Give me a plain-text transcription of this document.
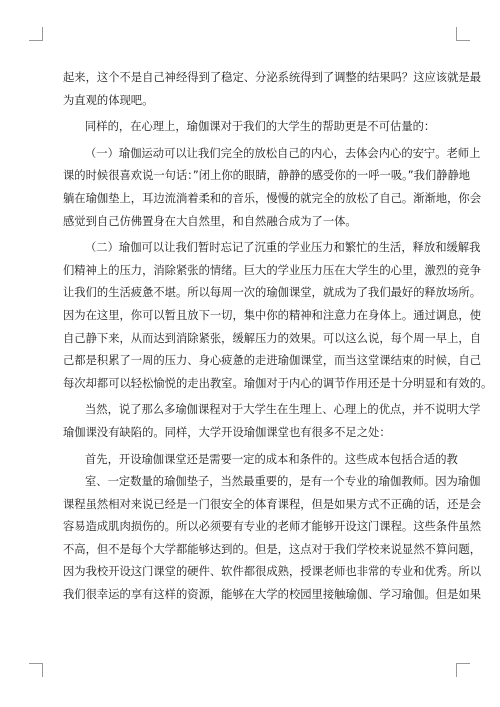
起来，这个不是自己神经得到了稳定、分泌系统得到了调整的结果吗？这应该就是最
为直观的体现吧。
同样的，在心理上，瑜伽课对于我们的大学生的帮助更是不可估量的：
（一）瑜伽运动可以让我们完全的放松自己的内心，去体会内心的安宁。老师上
课的时候很喜欢说一句话：”闭上你的眼睛，静静的感受你的一呼一吸。”我们静静地
躺在瑜伽垫上，耳边流淌着柔和的音乐，慢慢的就完全的放松了自己。渐渐地，你会
感觉到自己仿佛置身在大自然里，和自然融合成为了一体。
（二）瑜伽可以让我们暂时忘记了沉重的学业压力和繁忙的生活，释放和缓解我
们精神上的压力，消除紧张的情绪。巨大的学业压力压在大学生的心里，激烈的竞争
让我们的生活疲惫不堪。所以每周一次的瑜伽课堂，就成为了我们最好的释放场所。
因为在这里，你可以暂且放下一切，集中你的精神和注意力在身体上。通过调息，使
自己静下来，从而达到消除紧张，缓解压力的效果。可以这么说，每个周一早上，自
己都是积累了一周的压力、身心疲惫的走进瑜伽课堂，而当这堂课结束的时候，自己
每次却都可以轻松愉悦的走出教室。瑜伽对于内心的调节作用还是十分明显和有效的。
当然，说了那么多瑜伽课程对于大学生在生理上、心理上的优点，并不说明大学
瑜伽课没有缺陷的。同样，大学开设瑜伽课堂也有很多不足之处：
首先，开设瑜伽课堂还是需要一定的成本和条件的。这些成本包括合适的教
室、一定数量的瑜伽垫子，当然最重要的，是有一个专业的瑜伽教师。因为瑜伽
课程虽然相对来说已经是一门很安全的体育课程，但是如果方式不正确的话，还是会
容易造成肌肉损伤的。所以必须要有专业的老师才能够开设这门课程。这些条件虽然
不高，但不是每个大学都能够达到的。但是，这点对于我们学校来说显然不算问题，
因为我校开设这门课堂的硬件、软件都很成熟，授课老师也非常的专业和优秀。所以
我们很幸运的享有这样的资源，能够在大学的校园里接触瑜伽、学习瑜伽。但是如果
